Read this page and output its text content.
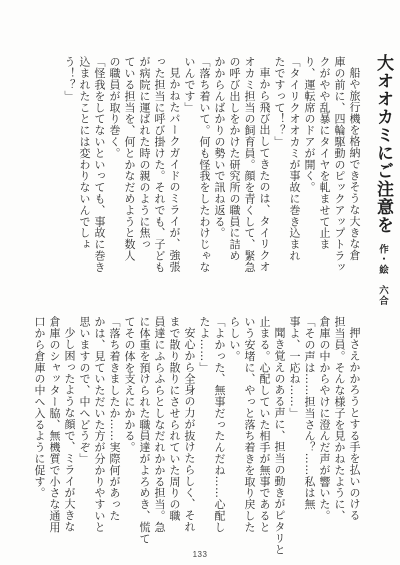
大オオカミにご注意を
作・絵　六合

船や旅行機を格納できそうな大きな倉

庫の前に、四輪駆動のピックアップトラッ

クがやや乱暴にタイヤを軋ませて止ま

り、運転席のドアが開く。

「タイリクオオカミが事故に巻き込まれ

たですって！？」

車から飛び出してきたのは、タイリクオ

オカミ担当の飼育員。顔を青くして、緊急

の呼び出しをかけた研究所の職員に詰め

かからんばかりの勢いで訊ね返る。

「落ち着いて。何も怪我をしたわけじゃな

いんです」

見かねたパークガイドのミライが、強張

った担当に呼び掛けた。それでも、子ども

が病院に運ばれた時の親のように焦っ

ている担当を、何とかなだめようと数人

の職員が取り巻く。

「怪我をしてないといっても、事故に巻き

込まれたことには変わりないんでしょ

う！？」

押さえかかろうとする手を払いのける

担当員。そんな様子を見かねたように、

倉庫の中からやけに澄んだ声が響いた。

「その声は……担当さん？……私は無

事よ、一応ね……」

聞き覚えのある声に、担当の動きがピタリと

止まる。心配していた相手が無事であると

いう安堵に、やっと落ち着きを取り戻した

らしい。

「よかった、無事だったんだね……心配し

たよ……」

安心から全身の力が抜けたらしく、それ

まで散り散りにさせられていた周りの職

員達にふらふらとしなだれかかる担当。急

に体重を預けられた職員達がよろめき、慌て

てその体を支えにかかる。

「落ち着きましたか……実際何があった

かは、見ていただいた方が分かりやすいと

思いますので、中へどうぞ」

少し困ったような顔で、ミライが大きな

倉庫のシャッター脇、無機質で小さな通用

口から倉庫の中へ入るように促す。

133
